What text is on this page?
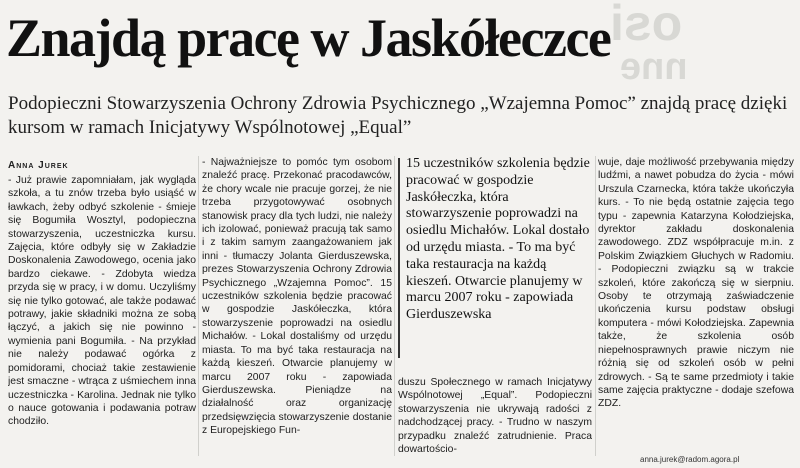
osi
nne
Znajdą pracę w Jaskółeczce

Podopieczni Stowarzyszenia Ochrony Zdrowia Psychicznego „Wzajemna Pomoc” znajdą pracę dzięki kursom w ramach Inicjatywy Wspólnotowej „Equal”

Anna Jurek

- Już prawie zapomniałam, jak wygląda szkoła, a tu znów trzeba było usiąść w ławkach, żeby odbyć szkolenie - śmieje się Bogumiła Wosztyl, podopieczna stowarzyszenia, uczestniczka kursu. Zajęcia, które odbyły się w Zakładzie Doskonalenia Zawodowego, ocenia jako bardzo ciekawe. - Zdobyta wiedza przyda się w pracy, i w domu. Uczyliśmy się nie tylko gotować, ale także podawać potrawy, jakie składniki można ze sobą łączyć, a jakich się nie powinno - wymienia pani Bogumiła. - Na przykład nie należy podawać ogórka z pomidorami, chociaż takie zestawienie jest smaczne - wtrąca z uśmiechem inna uczestniczka - Karolina. Jednak nie tylko o nauce gotowania i podawania potraw chodziło.

- Najważniejsze to pomóc tym osobom znaleźć pracę. Przekonać pracodawców, że chory wcale nie pracuje gorzej, że nie trzeba przygotowywać osobnych stanowisk pracy dla tych ludzi, nie należy ich izolować, ponieważ pracują tak samo i z takim samym zaangażowaniem jak inni - tłumaczy Jolanta Gierduszewska, prezes Stowarzyszenia Ochrony Zdrowia Psychicznego „Wzajemna Pomoc”. 15 uczestników szkolenia będzie pracować w gospodzie Jaskółeczka, która stowarzyszenie poprowadzi na osiedlu Michałów. - Lokal dostaliśmy od urzędu miasta. To ma być taka restauracja na każdą kieszeń. Otwarcie planujemy w marcu 2007 roku - zapowiada Gierduszewska. Pieniądze na działalność oraz organizację przedsięwzięcia stowarzyszenie dostanie z Europejskiego Fun-

15 uczestników szkolenia będzie pracować w gospodzie Jaskółeczka, która stowarzyszenie poprowadzi na osiedlu Michałów. Lokal dostało od urzędu miasta. - To ma być taka restauracja na każdą kieszeń. Otwarcie planujemy w marcu 2007 roku - zapowiada Gierduszewska

duszu Społecznego w ramach Inicjatywy Wspólnotowej „Equal”. Podopieczni stowarzyszenia nie ukrywają radości z nadchodzącej pracy. - Trudno w naszym przypadku znaleźć zatrudnienie. Praca dowartościo-

wuje, daje możliwość przebywania między ludźmi, a nawet pobudza do życia - mówi Urszula Czarnecka, która także ukończyła kurs. - To nie będą ostatnie zajęcia tego typu - zapewnia Katarzyna Kołodziejska, dyrektor zakładu doskonalenia zawodowego. ZDZ współpracuje m.in. z Polskim Związkiem Głuchych w Radomiu. - Podopieczni związku są w trakcie szkoleń, które zakończą się w sierpniu. Osoby te otrzymają zaświadczenie ukończenia kursu podstaw obsługi komputera - mówi Kołodziejska. Zapewnia także, że szkolenia osób niepełnosprawnych prawie niczym nie różnią się od szkoleń osób w pełni zdrowych. - Są te same przedmioty i takie same zajęcia praktyczne - dodaje szefowa ZDZ.

anna.jurek@radom.agora.pl
